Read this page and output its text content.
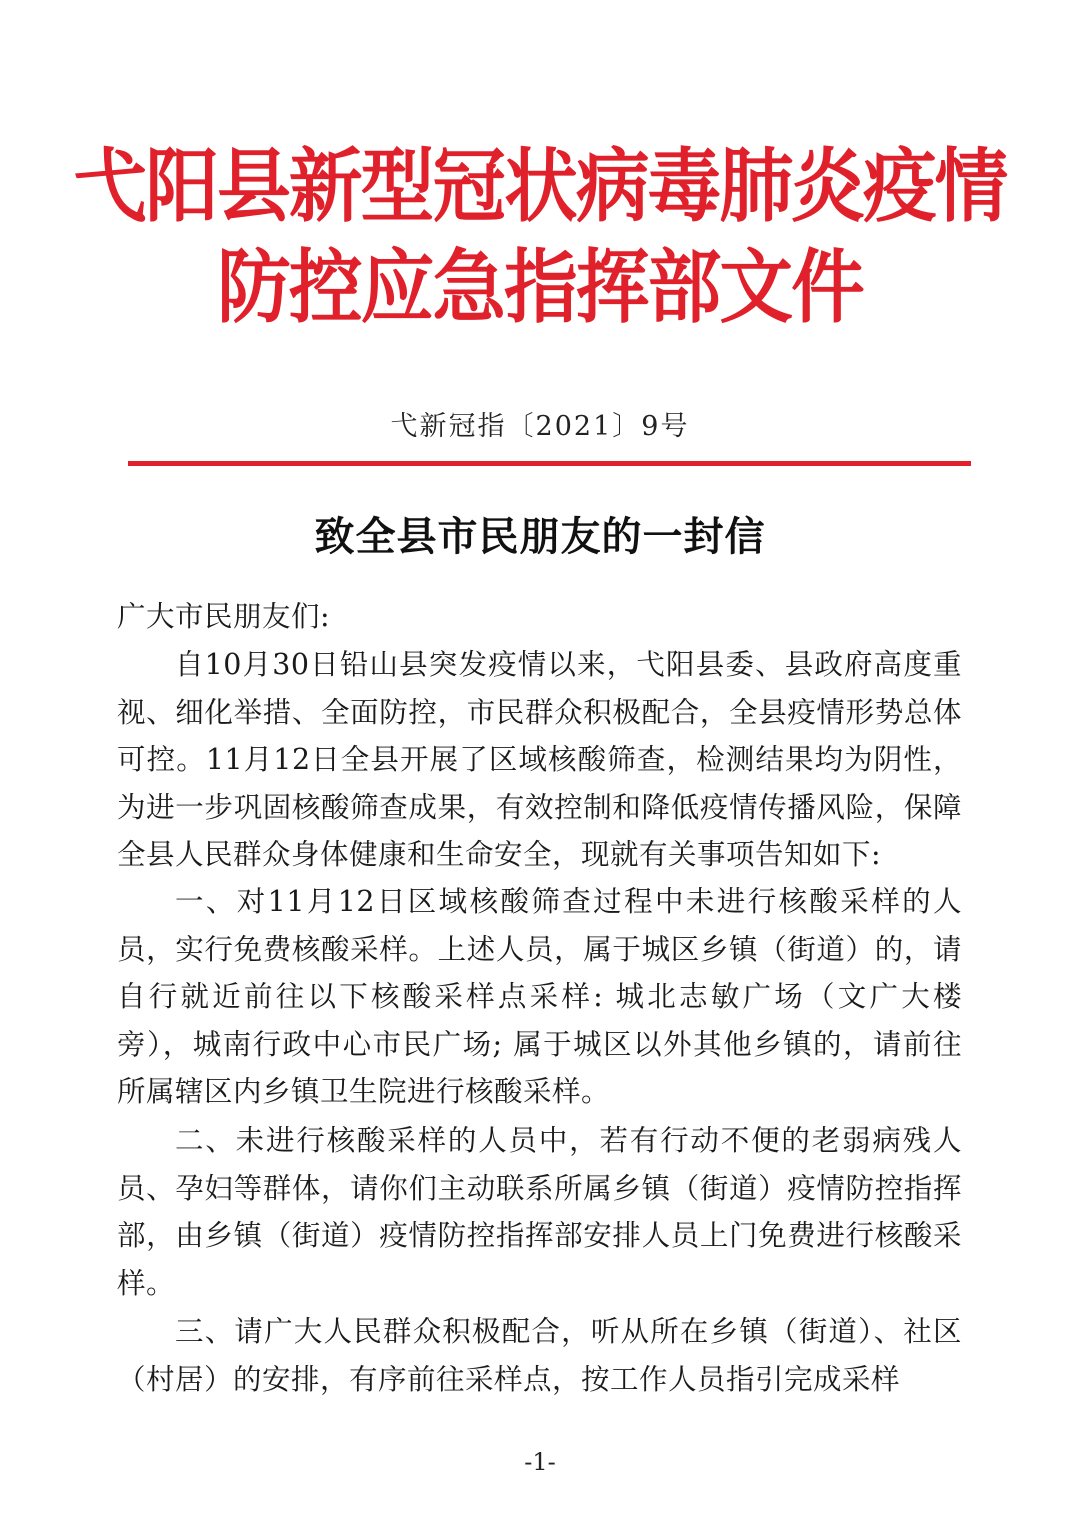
弋阳县新型冠状病毒肺炎疫情
防控应急指挥部文件
弋新冠指〔2021〕9号
致全县市民朋友的一封信
广大市民朋友们:
自10月30日铅山县突发疫情以来，弋阳县委、县政府高度重视、细化举措、全面防控，市民群众积极配合，全县疫情形势总体可控。11月12日全县开展了区域核酸筛查，检测结果均为阴性，为进一步巩固核酸筛查成果，有效控制和降低疫情传播风险，保障全县人民群众身体健康和生命安全，现就有关事项告知如下:
一、对11月12日区域核酸筛查过程中未进行核酸采样的人员，实行免费核酸采样。上述人员，属于城区乡镇（街道）的，请自行就近前往以下核酸采样点采样: 城北志敏广场（文广大楼旁），城南行政中心市民广场; 属于城区以外其他乡镇的，请前往所属辖区内乡镇卫生院进行核酸采样。
二、未进行核酸采样的人员中，若有行动不便的老弱病残人员、孕妇等群体，请你们主动联系所属乡镇（街道）疫情防控指挥部，由乡镇（街道）疫情防控指挥部安排人员上门免费进行核酸采样。
三、请广大人民群众积极配合，听从所在乡镇（街道）、社区（村居）的安排，有序前往采样点，按工作人员指引完成采样
-1-
